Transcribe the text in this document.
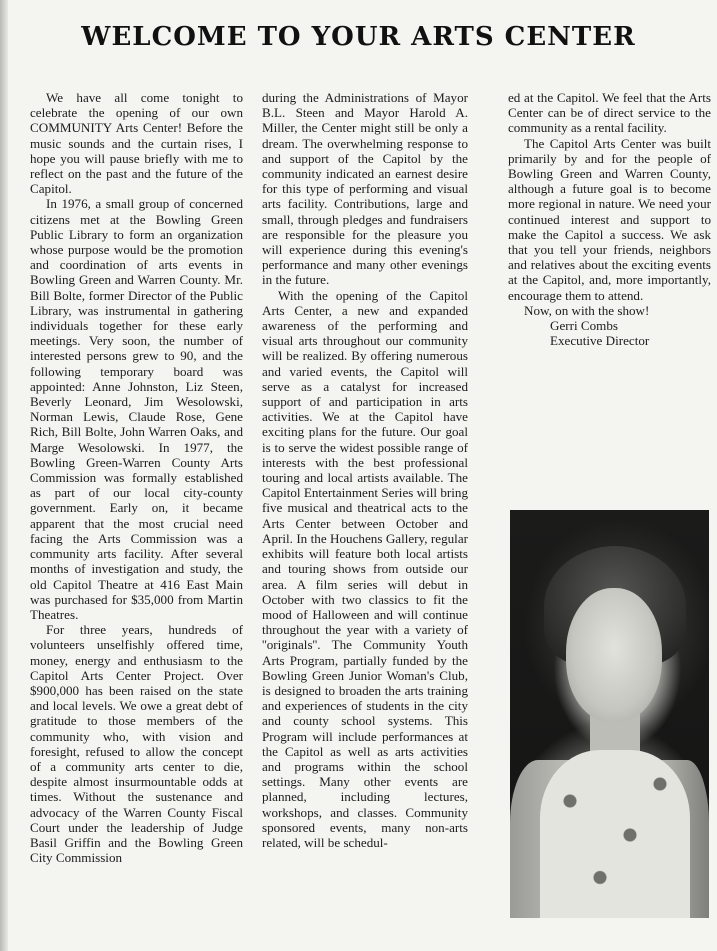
WELCOME TO YOUR ARTS CENTER

We have all come tonight to celebrate the opening of our own COMMUNITY Arts Center! Before the music sounds and the curtain rises, I hope you will pause briefly with me to reflect on the past and the future of the Capitol.

In 1976, a small group of concerned citizens met at the Bowling Green Public Library to form an organization whose purpose would be the promotion and coordination of arts events in Bowling Green and Warren County. Mr. Bill Bolte, former Director of the Public Library, was instrumental in gathering individuals together for these early meetings. Very soon, the number of interested persons grew to 90, and the following temporary board was appointed: Anne Johnston, Liz Steen, Beverly Leonard, Jim Wesolowski, Norman Lewis, Claude Rose, Gene Rich, Bill Bolte, John Warren Oaks, and Marge Wesolowski. In 1977, the Bowling Green-Warren County Arts Commission was formally established as part of our local city-county government. Early on, it became apparent that the most crucial need facing the Arts Commission was a community arts facility. After several months of investigation and study, the old Capitol Theatre at 416 East Main was purchased for $35,000 from Martin Theatres.

For three years, hundreds of volunteers unselfishly offered time, money, energy and enthusiasm to the Capitol Arts Center Project. Over $900,000 has been raised on the state and local levels. We owe a great debt of gratitude to those members of the community who, with vision and foresight, refused to allow the concept of a community arts center to die, despite almost insurmountable odds at times. Without the sustenance and advocacy of the Warren County Fiscal Court under the leadership of Judge Basil Griffin and the Bowling Green City Commission

during the Administrations of Mayor B.L. Steen and Mayor Harold A. Miller, the Center might still be only a dream. The overwhelming response to and support of the Capitol by the community indicated an earnest desire for this type of performing and visual arts facility. Contributions, large and small, through pledges and fundraisers are responsible for the pleasure you will experience during this evening's performance and many other evenings in the future.

With the opening of the Capitol Arts Center, a new and expanded awareness of the performing and visual arts throughout our community will be realized. By offering numerous and varied events, the Capitol will serve as a catalyst for increased support of and participation in arts activities. We at the Capitol have exciting plans for the future. Our goal is to serve the widest possible range of interests with the best professional touring and local artists available. The Capitol Entertainment Series will bring five musical and theatrical acts to the Arts Center between October and April. In the Houchens Gallery, regular exhibits will feature both local artists and touring shows from outside our area. A film series will debut in October with two classics to fit the mood of Halloween and will continue throughout the year with a variety of ''originals''. The Community Youth Arts Program, partially funded by the Bowling Green Junior Woman's Club, is designed to broaden the arts training and experiences of students in the city and county school systems. This Program will include performances at the Capitol as well as arts activities and programs within the school settings. Many other events are planned, including lectures, workshops, and classes. Community sponsored events, many non-arts related, will be schedul-

ed at the Capitol. We feel that the Arts Center can be of direct service to the community as a rental facility.

The Capitol Arts Center was built primarily by and for the people of Bowling Green and Warren County, although a future goal is to become more regional in nature. We need your continued interest and support to make the Capitol a success. We ask that you tell your friends, neighbors and relatives about the exciting events at the Capitol, and, more importantly, encourage them to attend.

Now, on with the show!

Gerri Combs

Executive Director
